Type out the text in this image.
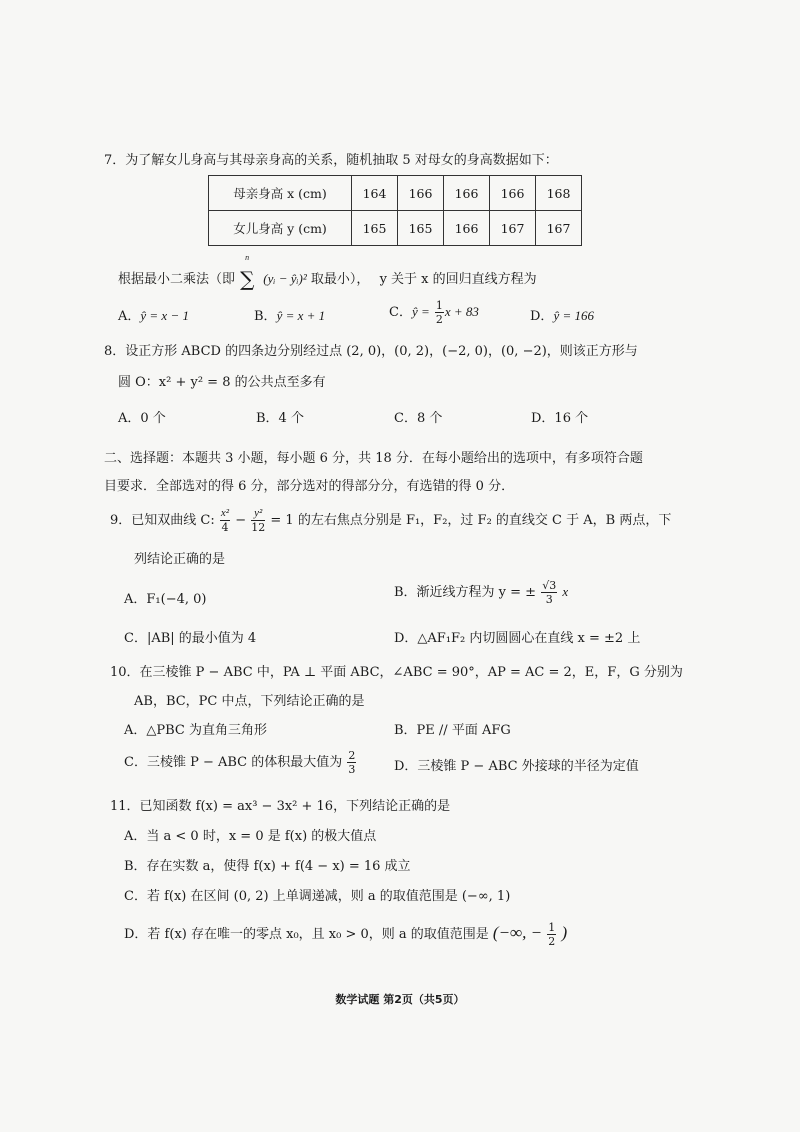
7．为了解女儿身高与其母亲身高的关系，随机抽取 5 对母女的身高数据如下：
母亲身高 x (cm)	164	166	166	166	168
女儿身高 y (cm)	165	165	166	167	167
根据最小二乘法（即
n
∑ (yᵢ − ŷᵢ)² 取最小）， y 关于 x 的回归直线方程为
A．ŷ = x − 1	B．ŷ = x + 1	C．ŷ = $\frac{1}{2}$ x + 83	D．ŷ = 166
8．设正方形 ABCD 的四条边分别经过点 (2, 0)，(0, 2)，(−2, 0)，(0, −2)，则该正方形与
圆 O：x² + y² = 8 的公共点至多有
A．0 个	B．4 个	C．8 个	D．16 个
二、选择题：本题共 3 小题，每小题 6 分，共 18 分．在每小题给出的选项中，有多项符合题
目要求．全部选对的得 6 分，部分选对的得部分分，有选错的得 0 分．
9．已知双曲线 C: $\frac{\text{x²}}{4} - \frac{\text{y²}}{12} = 1$ 的左右焦点分别是 F₁，F₂，过 F₂ 的直线交 C 于 A，B 两点，下
列结论正确的是
A．F₁(−4, 0)	B．渐近线方程为 y = ± $\frac{√3}{3}$ x
C．|AB| 的最小值为 4	D．△AF₁F₂ 内切圆圆心在直线 x = ±2 上
10．在三棱锥 P − ABC 中，PA ⊥ 平面 ABC，∠ABC = 90°，AP = AC = 2，E，F，G 分别为
AB，BC，PC 中点，下列结论正确的是
A．△PBC 为直角三角形	B．PE // 平面 AFG
C．三棱锥 P − ABC 的体积最大值为 $\frac{2}{3}$	D．三棱锥 P − ABC 外接球的半径为定值
11．已知函数 f(x) = ax³ − 3x² + 16，下列结论正确的是
A．当 a < 0 时，x = 0 是 f(x) 的极大值点
B．存在实数 a，使得 f(x) + f(4 − x) = 16 成立
C．若 f(x) 在区间 (0, 2) 上单调递减，则 a 的取值范围是 (−∞, 1)
D．若 f(x) 存在唯一的零点 x₀，且 x₀ > 0，则 a 的取值范围是 (−∞, − $\frac{1}{2}$ )
数学试题 第2页（共5页）
